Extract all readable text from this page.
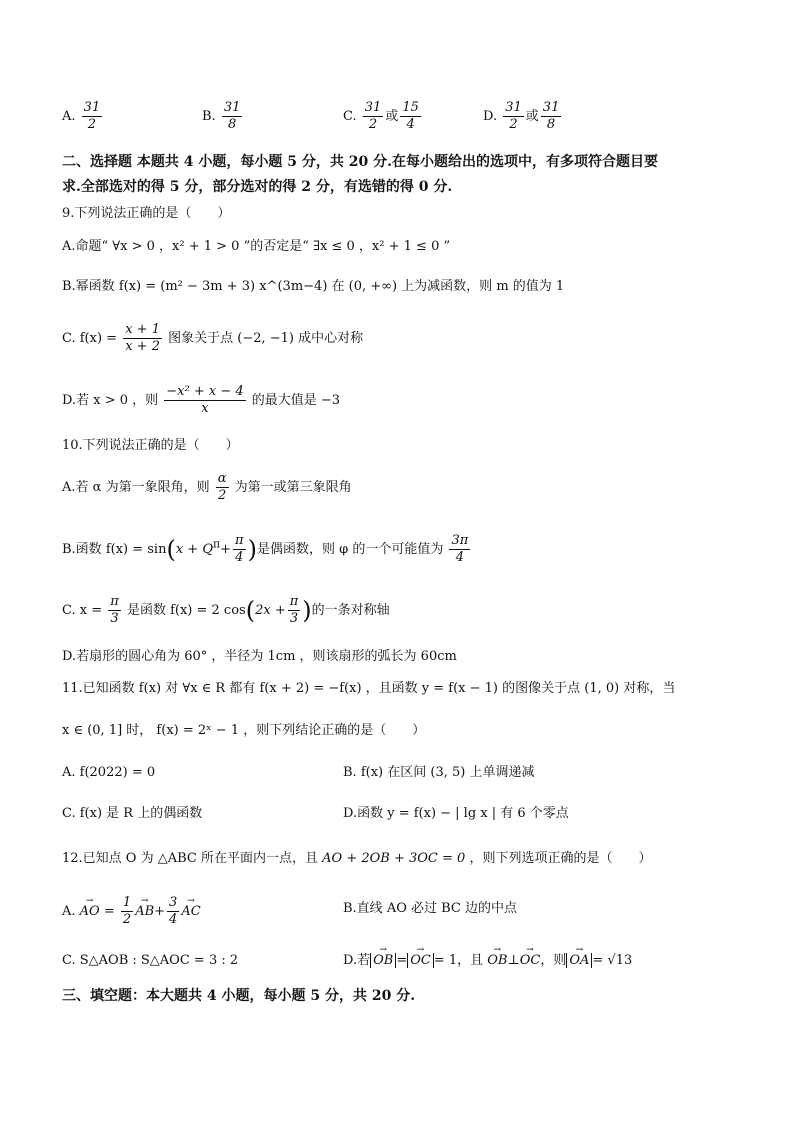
A. $\frac{31}{2}$	B. $\frac{31}{8}$	C. $\frac{31}{2}$ 或 $\frac{15}{4}$	D. $\frac{31}{2}$ 或 $\frac{31}{8}$
二、选择题 本题共 4 小题，每小题 5 分，共 20 分.在每小题给出的选项中，有多项符合题目要
求.全部选对的得 5 分，部分选对的得 2 分，有选错的得 0 分.
9.下列说法正确的是（　　）
A.命题“ ∀x > 0 ，x² + 1 > 0 ”的否定是“ ∃x ≤ 0 ，x² + 1 ≤ 0 ”
B.幂函数 f(x) = (m² − 3m + 3) x^(3m−4) 在 (0, +∞) 上为减函数，则 m 的值为 1
C. $f(x) = \frac{x + 1}{x + 2}$ 图象关于点 (−2, −1) 成中心对称
D.若 x > 0 ，则 $\frac{\text{−x² + x − 4}}{x}$ 的最大值是 −3
10.下列说法正确的是（　　）
A.若 α 为第一象限角，则 $\frac{\alpha}{2}$ 为第一或第三象限角
B.函数 $f(x) = \sin(x + Q^\pi+ \frac{\pi}{4}$ )是偶函数，则 φ 的一个可能值为 $\frac{3\pi}{4}$
C. $x = \frac{\pi}{3}$ 是函数 f(x) = 2 $\cos(2x + \frac{\pi}{3}$ )的一条对称轴
D.若扇形的圆心角为 60° ，半径为 1cm ，则该扇形的弧长为 60cm
11.已知函数 f(x) 对 ∀x ∈ R 都有 f(x + 2) = −f(x) ，且函数 y = f(x − 1) 的图像关于点 (1, 0) 对称，当
x ∈ (0, 1] 时， f(x) = 2ˣ − 1 ，则下列结论正确的是（　　）
A. f(2022) = 0	B. f(x) 在区间 (3, 5) 上单调递减
C. f(x) 是 R 上的偶函数	D.函数 y = f(x) − | lg x | 有 6 个零点
12.已知点 O 为 △ABC 所在平面内一点，且 AO + 2OB + 3OC = 0 ，则下列选项正确的是（　　）
A. → AO = $\frac{1}{2}$
→ $AB+ \frac{3}{4}$
→ AC	B.直线 AO 必过 BC 边的中点
C. S△AOB : S△AOC = 3 : 2	D.若→ OB =→ OC = 1，且 → OB⊥→ OC，则→ OA = √13
三、填空题：本大题共 4 小题，每小题 5 分，共 20 分.
